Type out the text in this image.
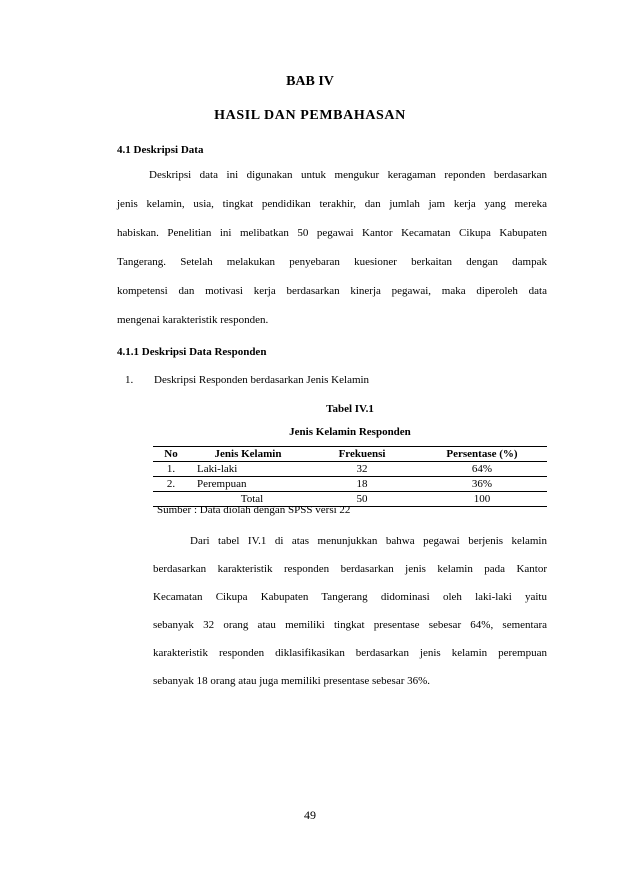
BAB IV
HASIL DAN PEMBAHASAN
4.1 Deskripsi Data
Deskripsi data ini digunakan untuk mengukur keragaman reponden berdasarkan
jenis kelamin, usia, tingkat pendidikan terakhir, dan jumlah jam kerja yang mereka
habiskan. Penelitian ini melibatkan 50 pegawai Kantor Kecamatan Cikupa Kabupaten
Tangerang. Setelah melakukan penyebaran kuesioner berkaitan dengan dampak
kompetensi dan motivasi kerja berdasarkan kinerja pegawai, maka diperoleh data
mengenai karakteristik responden.
4.1.1 Deskripsi Data Responden
1. Deskripsi Responden berdasarkan Jenis Kelamin
Tabel IV.1
Jenis Kelamin Responden
No	Jenis Kelamin	Frekuensi	Persentase (%)
1.	Laki-laki	32	64%
2.	Perempuan	18	36%
	Total	50	100
Sumber : Data diolah dengan SPSS versi 22
Dari tabel IV.1 di atas menunjukkan bahwa pegawai berjenis kelamin
berdasarkan karakteristik responden berdasarkan jenis kelamin pada Kantor
Kecamatan Cikupa Kabupaten Tangerang didominasi oleh laki-laki yaitu
sebanyak 32 orang atau memiliki tingkat presentase sebesar 64%, sementara
karakteristik responden diklasifikasikan berdasarkan jenis kelamin perempuan
sebanyak 18 orang atau juga memiliki presentase sebesar 36%.
49
